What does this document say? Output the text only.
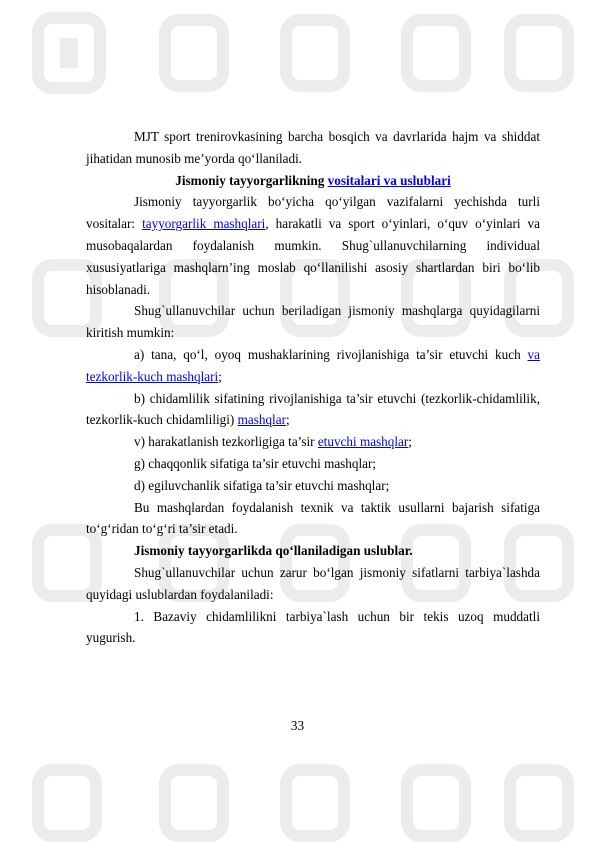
MJT sport trenirovkasining barcha bosqich va davrlarida hajm va shiddat jihatidan munosib me’yorda qo‘llaniladi.

Jismoniy tayyorgarlikning vositalari va uslublari

Jismoniy tayyorgarlik bo‘yicha qo‘yilgan vazifalarni yechishda turli vositalar: tayyorgarlik mashqlari, harakatli va sport o‘yinlari, o‘quv o‘yinlari va musobaqalardan foydalanish mumkin. Shug`ullanuvchilarning individual xususiyatlariga mashqlarn’ing moslab qo‘llanilishi asosiy shartlardan biri bo‘lib hisoblanadi.

Shug`ullanuvchilar uchun beriladigan jismoniy mashqlarga quyidagilarni kiritish mumkin:

a) tana, qo‘l, oyoq mushaklarining rivojlanishiga ta’sir etuvchi kuch va tezkorlik-kuch mashqlari;

b) chidamlilik sifatining rivojlanishiga ta’sir etuvchi (tezkorlik-chidamlilik, tezkorlik-kuch chidamliligi) mashqlar;

v) harakatlanish tezkorligiga ta’sir etuvchi mashqlar;

g) chaqqonlik sifatiga ta’sir etuvchi mashqlar;

d) egiluvchanlik sifatiga ta’sir etuvchi mashqlar;

Bu mashqlardan foydalanish texnik va taktik usullarni bajarish sifatiga to‘g‘ridan to‘g‘ri ta’sir etadi.

Jismoniy tayyorgarlikda qo‘llaniladigan uslublar.

Shug`ullanuvchilar uchun zarur bo‘lgan jismoniy sifatlarni tarbiya`lashda quyidagi uslublardan foydalaniladi:

1. Bazaviy chidamlilikni tarbiya`lash uchun bir tekis uzoq muddatli yugurish.

33
